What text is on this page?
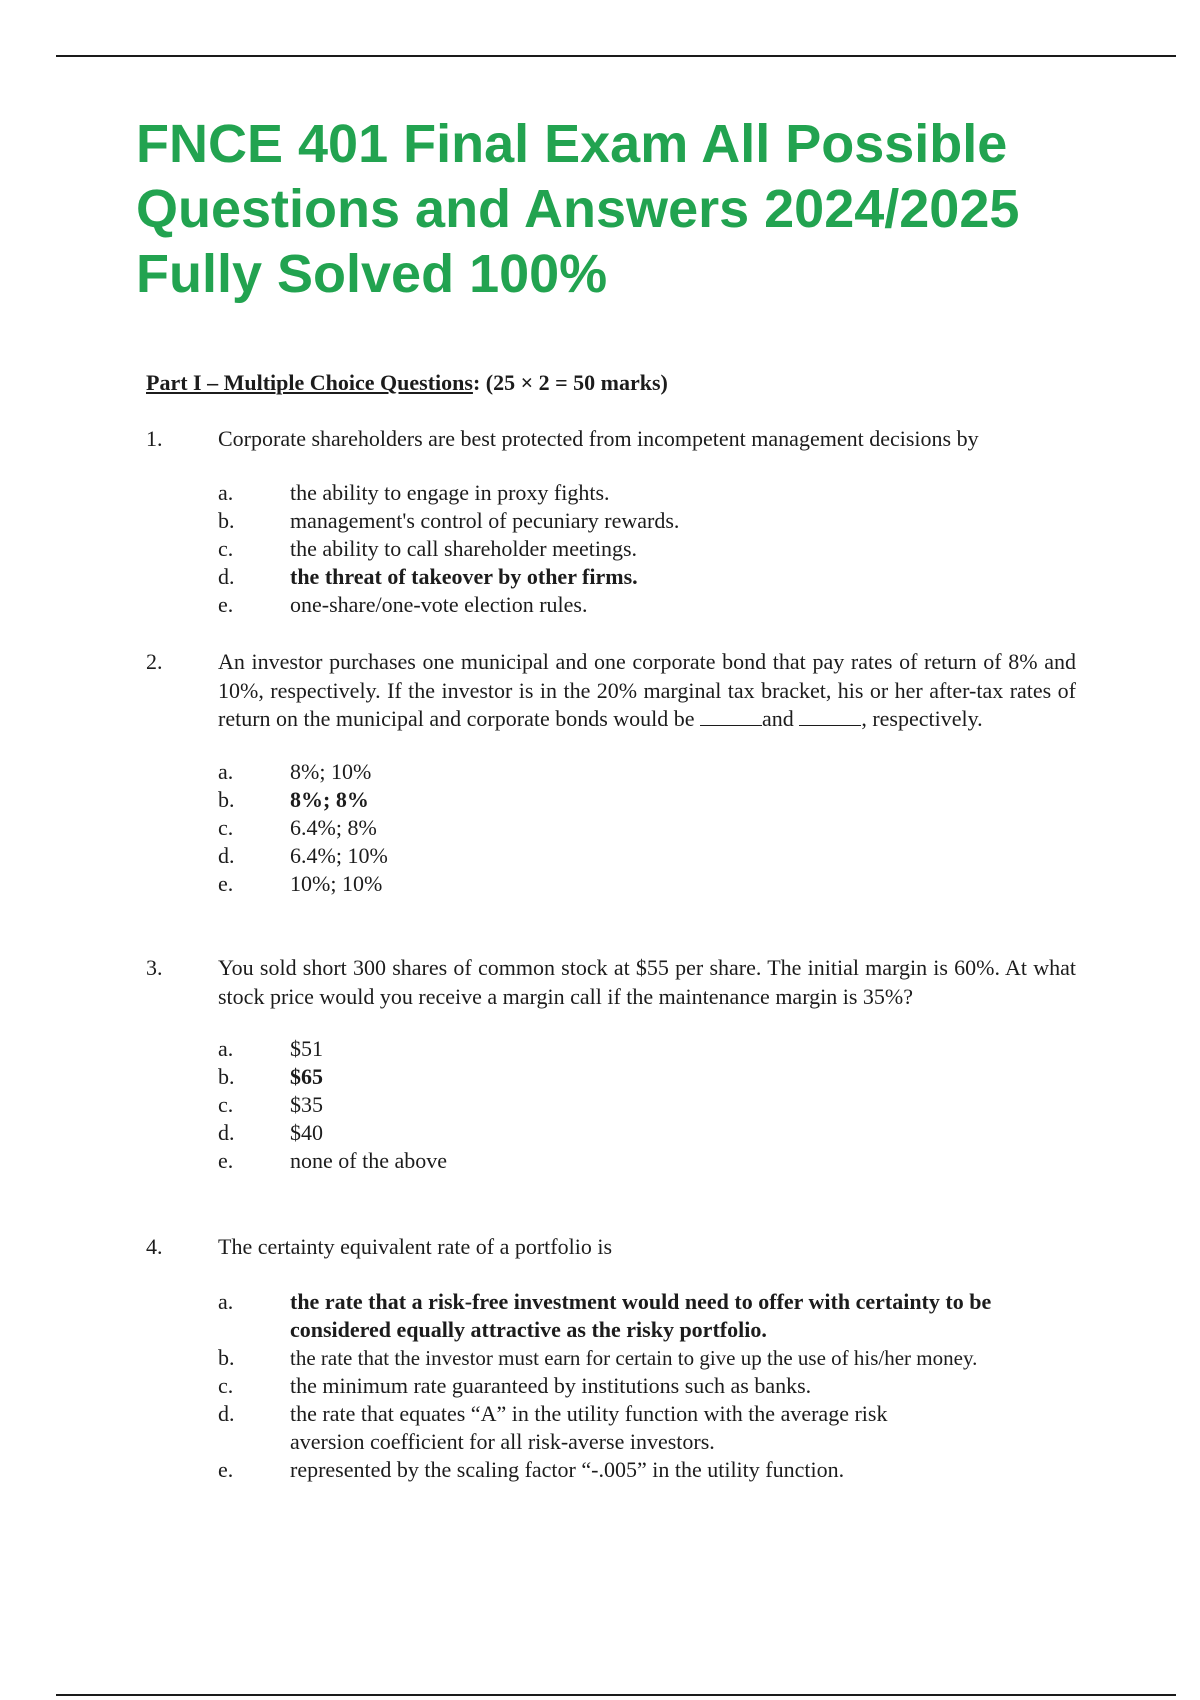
FNCE 401 Final Exam All Possible Questions and Answers 2024/2025 Fully Solved 100%

Part I – Multiple Choice Questions: (25 × 2 = 50 marks)

1.	Corporate shareholders are best protected from incompetent management decisions by
a.	the ability to engage in proxy fights.
b.	management's control of pecuniary rewards.
c.	the ability to call shareholder meetings.
d.	the threat of takeover by other firms.
e.	one-share/one-vote election rules.
2.	An investor purchases one municipal and one corporate bond that pay rates of return of 8% and 10%, respectively. If the investor is in the 20% marginal tax bracket, his or her after-tax rates of return on the municipal and corporate bonds would be	and	, respectively.
a.	8%; 10%
b.	8%; 8%
c.	6.4%; 8%
d.	6.4%; 10%
e.	10%; 10%
3.	You sold short 300 shares of common stock at $55 per share. The initial margin is 60%. At what stock price would you receive a margin call if the maintenance margin is 35%?
a.	$51
b.	$65
c.	$35
d.	$40
e.	none of the above
4.	The certainty equivalent rate of a portfolio is
a.	the rate that a risk-free investment would need to offer with certainty to be considered equally attractive as the risky portfolio.
b.	the rate that the investor must earn for certain to give up the use of his/her money.
c.	the minimum rate guaranteed by institutions such as banks.
d.	the rate that equates “A” in the utility function with the average risk aversion coefficient for all risk-averse investors.
e.	represented by the scaling factor “-.005” in the utility function.
